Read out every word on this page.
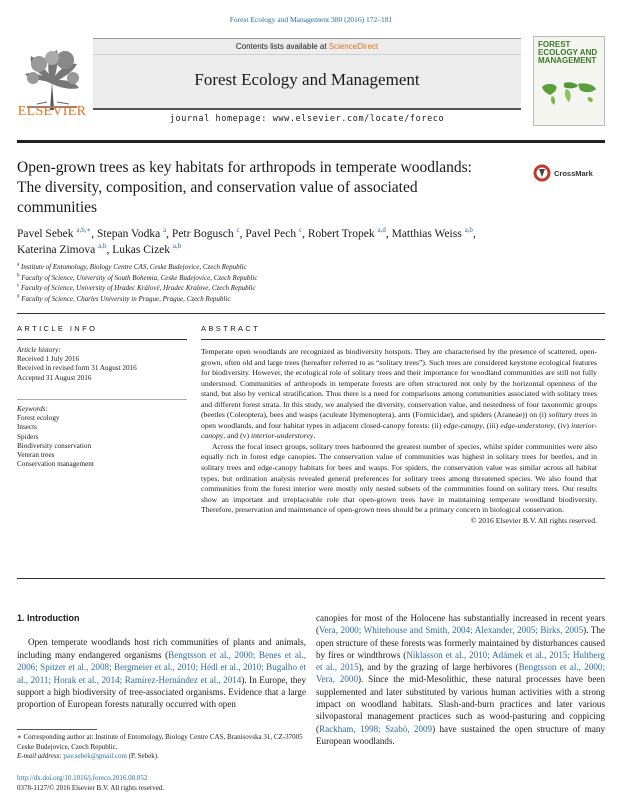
Forest Ecology and Management 380 (2016) 172–181
ELSEVIER
Contents lists available at ScienceDirect
Forest Ecology and Management
journal homepage: www.elsevier.com/locate/foreco
FOREST
ECOLOGY AND
MANAGEMENT
Open-grown trees as key habitats for arthropods in temperate woodlands: The diversity, composition, and conservation value of associated communities
CrossMark
Pavel Sebek $^{a,b,∗}$, Stepan Vodka $^a$, Petr Bogusch $^c$, Pavel Pech $^c$, Robert Tropek $^{a,d}$, Matthias Weiss $^{a,b}$,
Katerina Zimova $^{a,b}$, Lukas Cizek $^{a,b}$
$^a$ Institute of Entomology, Biology Centre CAS, Ceske Budejovice, Czech Republic
$^b$ Faculty of Science, University of South Bohemia, Ceske Budejovice, Czech Republic
$^c$ Faculty of Science, University of Hradec Králové, Hradec Kralove, Czech Republic
$^d$ Faculty of Science, Charles University in Prague, Prague, Czech Republic
ARTICLE INFO	ABSTRACT
Article history:
Received 1 July 2016
Received in revised form 31 August 2016
Accepted 31 August 2016
Keywords:
Forest ecology
Insects
Spiders
Biodiversity conservation
Veteran trees
Conservation management

Temperate open woodlands are recognized as biodiversity hotspots. They are characterised by the presence of scattered, open-grown, often old and large trees (hereafter referred to as “solitary trees”). Such trees are considered keystone ecological features for biodiversity. However, the ecological role of solitary trees and their importance for woodland communities are still not fully understood. Communities of arthropods in temperate forests are often structured not only by the horizontal openness of the stand, but also by vertical stratification. Thus there is a need for comparisons among communities associated with solitary trees and different forest strata. In this study, we analysed the diversity, conservation value, and nestedness of four taxonomic groups (beetles (Coleoptera), bees and wasps (aculeate Hymenoptera), ants (Formicidae), and spiders (Araneae)) on (i) solitary trees in open woodlands, and four habitat types in adjacent closed-canopy forests: (ii) edge-canopy, (iii) edge-understorey, (iv) interior-canopy, and (v) interior-understorey.

Across the focal insect groups, solitary trees harboured the greatest number of species, whilst spider communities were also equally rich in forest edge canopies. The conservation value of communities was highest in solitary trees for beetles, and in solitary trees and edge-canopy habitats for bees and wasps. For spiders, the conservation value was similar across all habitat types, but ordination analysis revealed general preferences for solitary trees among threatened species. We also found that communities from the forest interior were mostly only nested subsets of the communities found on solitary trees. Our results show an important and irreplaceable role that open-grown trees have in maintaining temperate woodland biodiversity. Therefore, preservation and maintenance of open-grown trees should be a primary concern in biological conservation.

© 2016 Elsevier B.V. All rights reserved.

1. Introduction

Open temperate woodlands host rich communities of plants and animals, including many endangered organisms (Bengtsson et al., 2000; Benes et al., 2006; Spitzer et al., 2008; Bergmeier et al., 2010; Hédl et al., 2010; Bugalho et al., 2011; Horak et al., 2014; Ramírez-Hernández et al., 2014). In Europe, they support a high biodiversity of tree-associated organisms. Evidence that a large proportion of European forests naturally occurred with open

canopies for most of the Holocene has substantially increased in recent years (Vera, 2000; Whitehouse and Smith, 2004; Alexander, 2005; Birks, 2005). The open structure of these forests was formerly maintained by disturbances caused by fires or windthrows (Niklasson et al., 2010; Adámek et al., 2015; Hultberg et al., 2015), and by the grazing of large herbivores (Bengtsson et al., 2000; Vera, 2000). Since the mid-Mesolithic, these natural processes have been supplemented and later substituted by various human activities with a strong impact on woodland habitats. Slash-and-burn practices and later various silvopastoral management practices such as wood-pasturing and coppicing (Rackham, 1998; Szabó, 2009) have sustained the open structure of many European woodlands.

∗ Corresponding author at: Institute of Entomology, Biology Centre CAS, Branisovska 31, CZ-37005 Ceske Budejovice, Czech Republic.
E-mail address: pav.sebek@gmail.com (P. Sebek).
http://dx.doi.org/10.1016/j.foreco.2016.08.052
0378-1127/© 2016 Elsevier B.V. All rights reserved.
